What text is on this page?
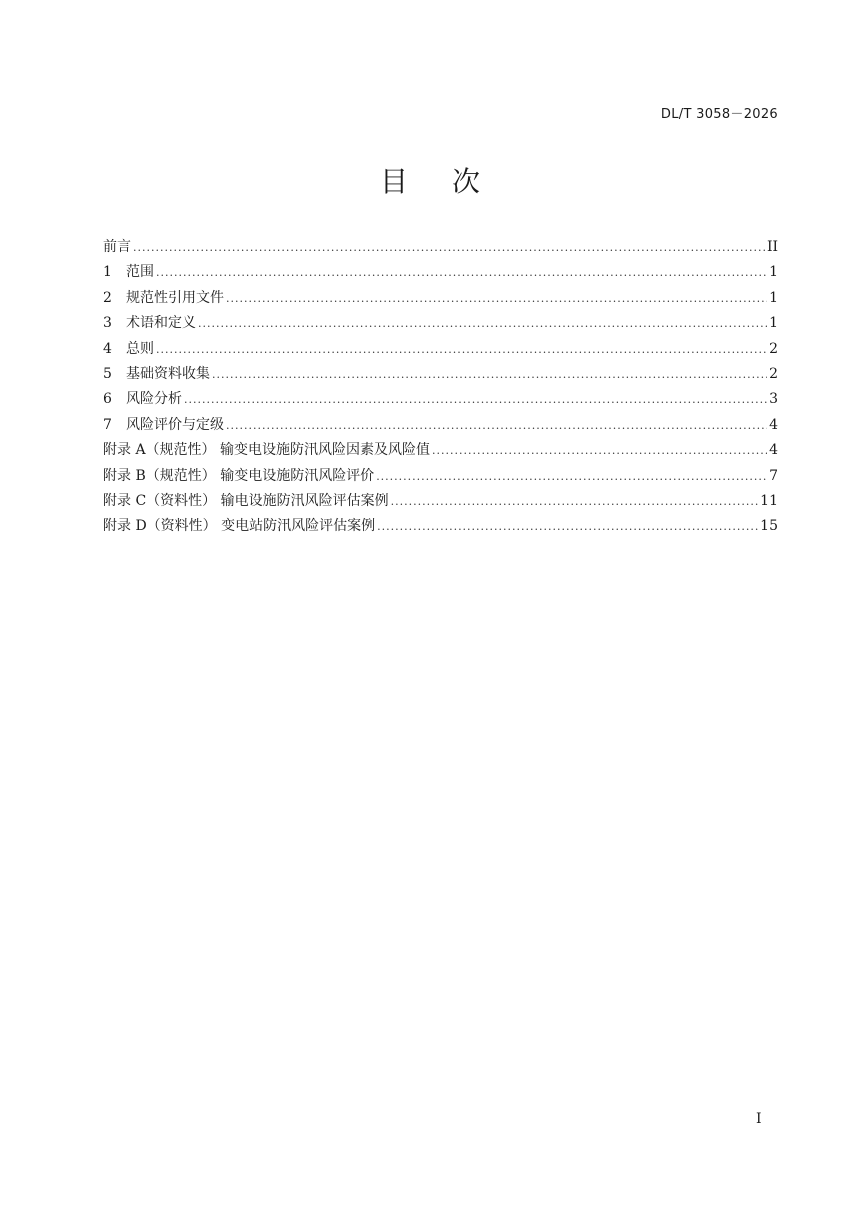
DL/T 3058－2026
目 次
前言 .....	II
1	范围 .....	1
2	规范性引用文件 .....	1
3	术语和定义 .....	1
4	总则 .....	2
5	基础资料收集 .....	2
6	风险分析 .....	3
7	风险评价与定级 .....	4
附录 A（规范性） 输变电设施防汛风险因素及风险值 .....	4
附录 B（规范性） 输变电设施防汛风险评价 .....	7
附录 C（资料性） 输电设施防汛风险评估案例 .....	11
附录 D（资料性） 变电站防汛风险评估案例 .....	15
I
